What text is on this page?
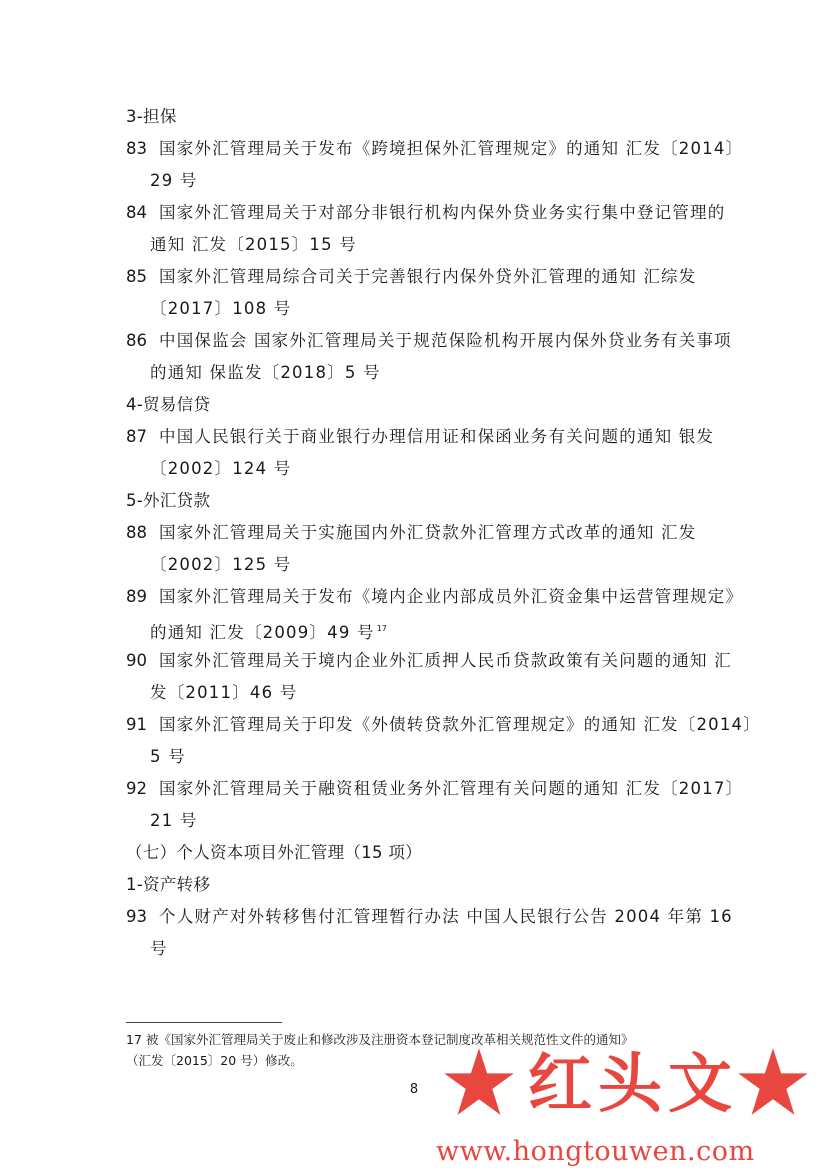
3-担保
83 国家外汇管理局关于发布《跨境担保外汇管理规定》的通知 汇发〔2014〕
29 号
84 国家外汇管理局关于对部分非银行机构内保外贷业务实行集中登记管理的
通知 汇发〔2015〕15 号
85 国家外汇管理局综合司关于完善银行内保外贷外汇管理的通知 汇综发
〔2017〕108 号
86 中国保监会 国家外汇管理局关于规范保险机构开展内保外贷业务有关事项
的通知 保监发〔2018〕5 号
4-贸易信贷
87 中国人民银行关于商业银行办理信用证和保函业务有关问题的通知 银发
〔2002〕124 号
5-外汇贷款
88 国家外汇管理局关于实施国内外汇贷款外汇管理方式改革的通知 汇发
〔2002〕125 号
89 国家外汇管理局关于发布《境内企业内部成员外汇资金集中运营管理规定》
的通知 汇发〔2009〕49 号 $^{17}$
90 国家外汇管理局关于境内企业外汇质押人民币贷款政策有关问题的通知 汇
发〔2011〕46 号
91 国家外汇管理局关于印发《外债转贷款外汇管理规定》的通知 汇发〔2014〕
5 号
92 国家外汇管理局关于融资租赁业务外汇管理有关问题的通知 汇发〔2017〕
21 号
（七）个人资本项目外汇管理（15 项）
1-资产转移
93 个人财产对外转移售付汇管理暂行办法 中国人民银行公告 2004 年第 16
号
17 被《国家外汇管理局关于废止和修改涉及注册资本登记制度改革相关规范性文件的通知》
（汇发〔2015〕20 号）修改。
8 红头文
www.hongtouwen.com
